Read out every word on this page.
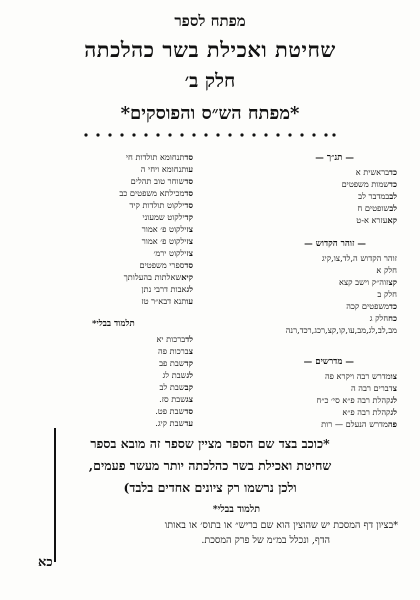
מפתח לספר
שחיטת ואכילת בשר כהלכתה
חלק ב׳
*מפתח הש״ס והפוסקים*
— תנ״ך —
כד
בראשית א
כד
שמות משפטים
לב
במדבר לב
לב
שופטים ח
קא
עזרא א-ט
— זוהר הקדוש —
זוהר הקדוש ה,לד,צו,קיג
חלק א
קצ
זוה״ק וישב קצא
חלק ב
כד
משפטים קכה
כח
חלק ג
מב,לב,לג,מב,עו,קו,קצ,רכג,רכד,רנה
— מדרשים —
צו
מדרש רבה ויקרא פה
צ
דברים רבה ה
לג
קהלת רבה פ״א סי׳ כ״ח
לג
קהלת רבה פ״א
פה
מדרש הנעלם — רות
סד
תנחומא תולדות חי
עו
תנחומא ויחי ה
סד
שוחר טוב תהלים
סד
מכילתא משפטים כב
סד
ילקוט תולדות קיד
קד
ילקוט שמעוני
צז
ילקוט פ׳ אמור
צז
ילקוט פ׳ אמור
צז
ילקוט ירמ׳
סד
ספרי משפטים
קיא
שאלתות בהעלותך
לג
אבות דרבי נתן
עו
תנא דבא״ר טז
תלמוד בבלי*
לד
ברכות יא
צ
ברכות פה
קד
שבת פב
לג
שבת לג
קב
שבת לב
צג
שבת סז.
סד
שבת פט.
עד
שבת קיג.
*כוכב בצד שם הספר מציין שספר זה מובא בספר
שחיטת ואכילת בשר כהלכתה יותר מעשר פעמים,
ולכן נרשמו רק ציונים אחדים בלבד)
תלמוד בבלי*
*בציון דף המסכת יש שהוצין הוא שם בריש״ או בתוס׳ או באותו
הדף, ונכלל במ״מ של פרק המסכת.
כא
